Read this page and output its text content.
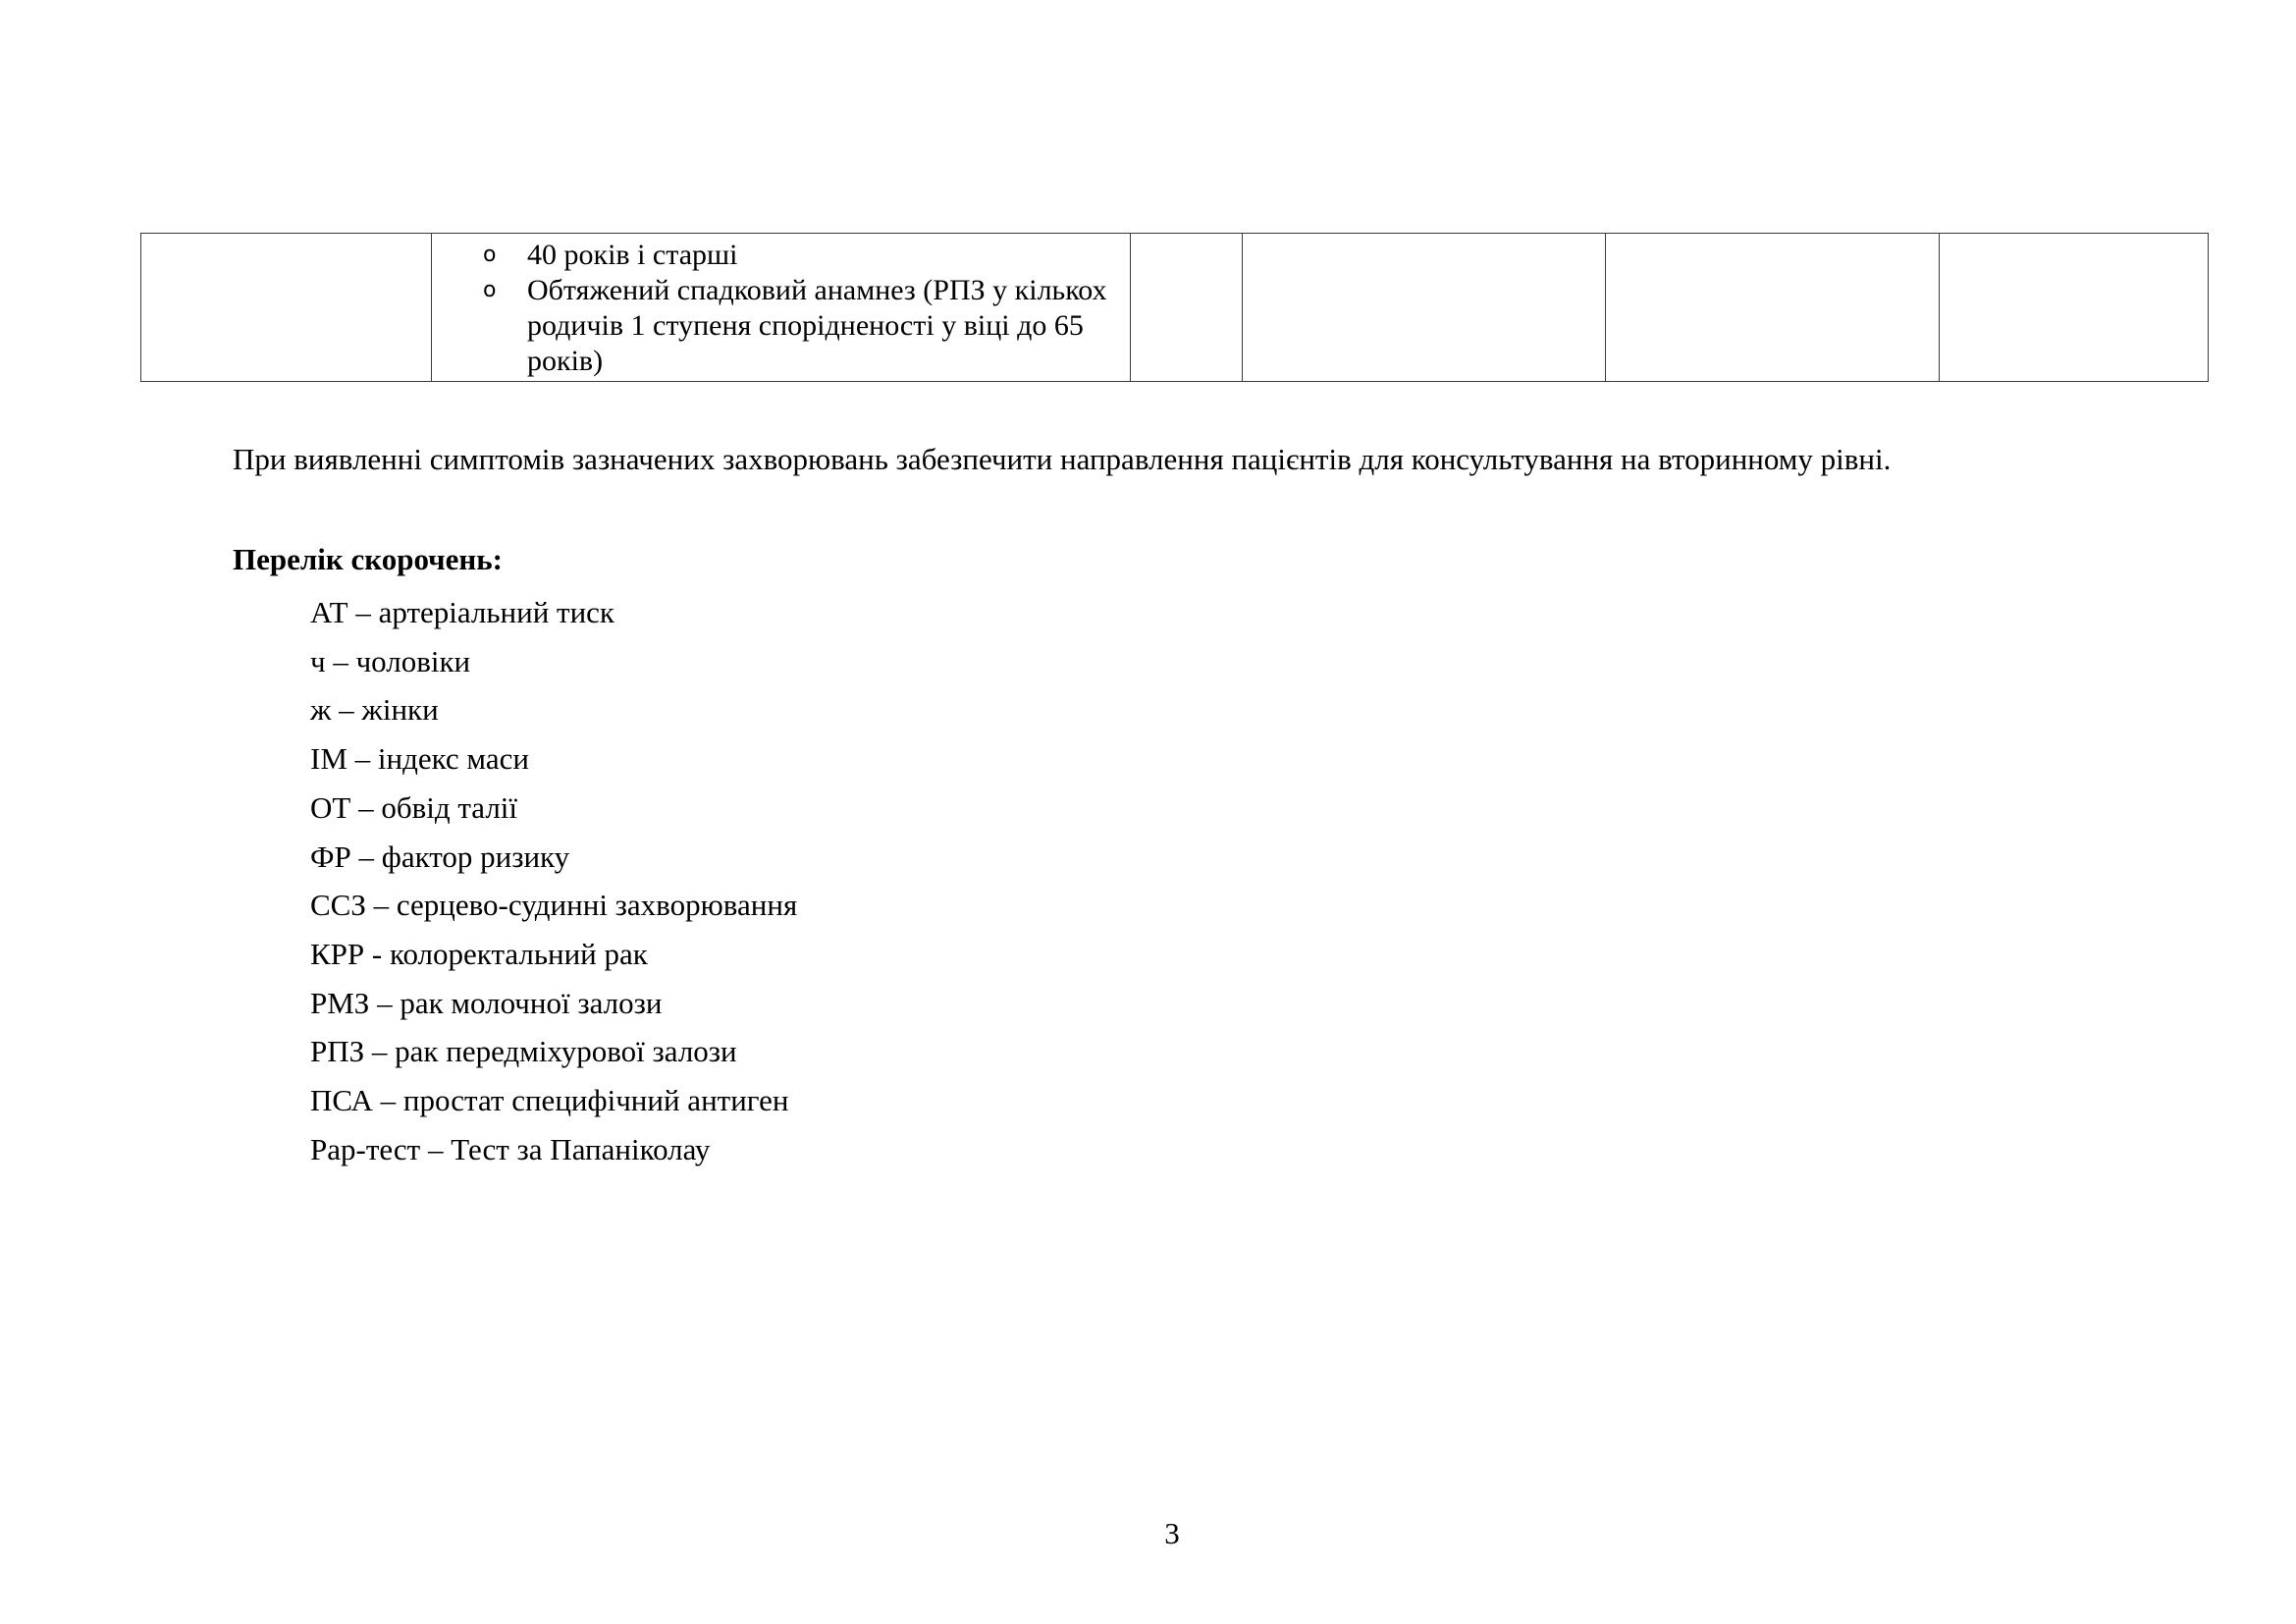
o 40 років і старші
o Обтяжений спадковий анамнез (РПЗ у кількох родичів 1 ступеня спорідненості у віці до 65 років)

При виявленні симптомів зазначених захворювань забезпечити направлення пацієнтів для консультування на вторинному рівні.
Перелік скорочень:
АТ – артеріальний тиск
ч – чоловіки
ж – жінки
ІМ – індекс маси
ОТ – обвід талії
ФР – фактор ризику
ССЗ – серцево-судинні захворювання
КРР - колоректальний рак
РМЗ – рак молочної залози
РПЗ – рак передміхурової залози
ПСА – простат специфічний антиген
Pap-тест – Тест за Папаніколау
3
